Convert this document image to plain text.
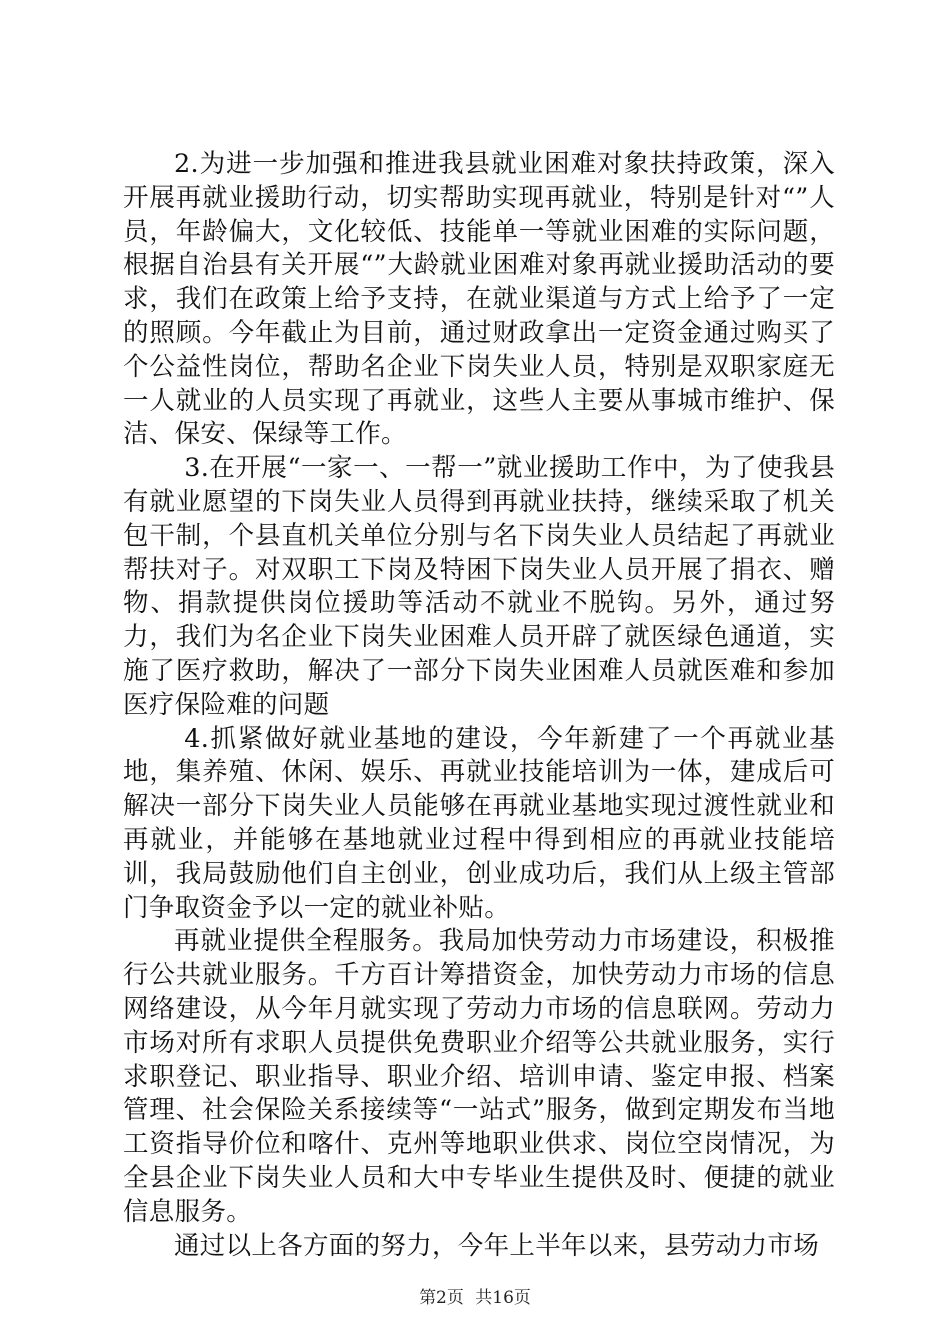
2.为进一步加强和推进我县就业困难对象扶持政策，深入开展再就业援助行动，切实帮助实现再就业，特别是针对“”人员，年龄偏大，文化较低、技能单一等就业困难的实际问题，根据自治县有关开展“”大龄就业困难对象再就业援助活动的要求，我们在政策上给予支持，在就业渠道与方式上给予了一定的照顾。今年截止为目前，通过财政拿出一定资金通过购买了个公益性岗位，帮助名企业下岗失业人员，特别是双职家庭无一人就业的人员实现了再就业，这些人主要从事城市维护、保洁、保安、保绿等工作。

3.在开展“一家一、一帮一”就业援助工作中，为了使我县有就业愿望的下岗失业人员得到再就业扶持，继续采取了机关包干制，个县直机关单位分别与名下岗失业人员结起了再就业帮扶对子。对双职工下岗及特困下岗失业人员开展了捐衣、赠物、捐款提供岗位援助等活动不就业不脱钩。另外，通过努力，我们为名企业下岗失业困难人员开辟了就医绿色通道，实施了医疗救助，解决了一部分下岗失业困难人员就医难和参加医疗保险难的问题

4.抓紧做好就业基地的建设，今年新建了一个再就业基地，集养殖、休闲、娱乐、再就业技能培训为一体，建成后可解决一部分下岗失业人员能够在再就业基地实现过渡性就业和再就业，并能够在基地就业过程中得到相应的再就业技能培训，我局鼓励他们自主创业，创业成功后，我们从上级主管部门争取资金予以一定的就业补贴。

再就业提供全程服务。我局加快劳动力市场建设，积极推行公共就业服务。千方百计筹措资金，加快劳动力市场的信息网络建设，从今年月就实现了劳动力市场的信息联网。劳动力市场对所有求职人员提供免费职业介绍等公共就业服务，实行求职登记、职业指导、职业介绍、培训申请、鉴定申报、档案管理、社会保险关系接续等“一站式”服务，做到定期发布当地工资指导价位和喀什、克州等地职业供求、岗位空岗情况，为全县企业下岗失业人员和大中专毕业生提供及时、便捷的就业信息服务。

通过以上各方面的努力，今年上半年以来，县劳动力市场

第2页 共16页
